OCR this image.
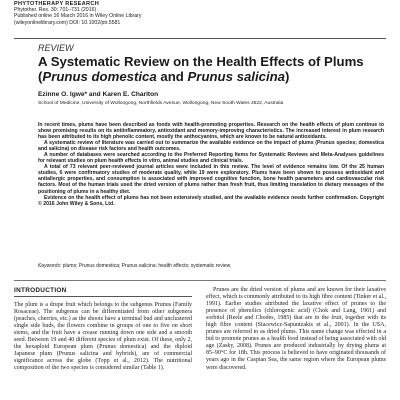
PHYTOTHERAPY RESEARCH
Phytother. Res. 30: 701–731 (2016)
Published online 16 March 2016 in Wiley Online Library
(wileyonlinelibrary.com) DOI: 10.1002/ptr.5581
REVIEW
A Systematic Review on the Health Effects of Plums (Prunus domestica and Prunus salicina)
Ezinne O. Igwe* and Karen E. Charlton
School of Medicine, University of Wollongong, Northfields Avenue, Wollongong, New South Wales 2522, Australia

In recent times, plums have been described as foods with health-promoting properties. Research on the health effects of plum continue to show promising results on its antiinflammatory, antioxidant and memory-improving characteristics. The increased interest in plum research has been attributed to its high phenolic content, mostly the anthocyanins, which are known to be natural antioxidants.

A systematic review of literature was carried out to summarize the available evidence on the impact of plums (Prunus species; domestica and salicina) on disease risk factors and health outcomes.

A number of databases were searched according to the Preferred Reporting Items for Systematic Reviews and Meta-Analyses guidelines for relevant studies on plum health effects in vitro, animal studies and clinical trials.

A total of 73 relevant peer-reviewed journal articles were included in this review. The level of evidence remains low. Of the 25 human studies, 6 were confirmatory studies of moderate quality, while 19 were exploratory. Plums have been shown to possess antioxidant and antiallergic properties, and consumption is associated with improved cognitive function, bone health parameters and cardiovascular risk factors. Most of the human trials used the dried version of plums rather than fresh fruit, thus limiting translation to dietary messages of the positioning of plums in a healthy diet.

Evidence on the health effect of plums has not been extensively studied, and the available evidence needs further confirmation. Copyright © 2016 John Wiley & Sons, Ltd.

Keywords: plums; Prunus domestica; Prunus salicina; health effects; systematic review.
INTRODUCTION

The plum is a drupe fruit which belongs to the subgenus Prunus (Family Rosaceae). The subgenus can be differentiated from other subgenera (peaches, cherries, etc.) as the shoots have a terminal bud and unclustered single side buds, the flowers combine in groups of one to five on short stems, and the fruit have a crease running down one side and a smooth seed. Between 19 and 40 different species of plum exist. Of these, only 2, the hexaploid European plum (Prunus domestica) and the diploid Japanese plum (Prunus salicina and hybrids), are of commercial significance across the globe (Topp et al., 2012). The nutritional composition of the two species is considered similar (Table 1).

Prunes are the dried version of plums and are known for their laxative effect, which is commonly attributed to its high fibre content (Tinker et al., 1991). Earlier studies attributed the laxative effect of prunes to the presence of phenolics (chlorogenic acid) (Chok and Lang, 1961) and sorbitol (Reele and Chodes, 1985) that are in the fruit, together with its high fibre content (Stacewicz-Sapuntzakis et al., 2001). In the USA, prunes are referred to as dried plums. This name change was effected in a bid to promote prunes as a health food instead of being associated with old age (Zasky, 2008). Prunes are produced industrially by drying plums at 85–90°C for 18h. This process is believed to have originated thousands of years ago in the Caspian Sea, the same region where the European plums were discovered.
